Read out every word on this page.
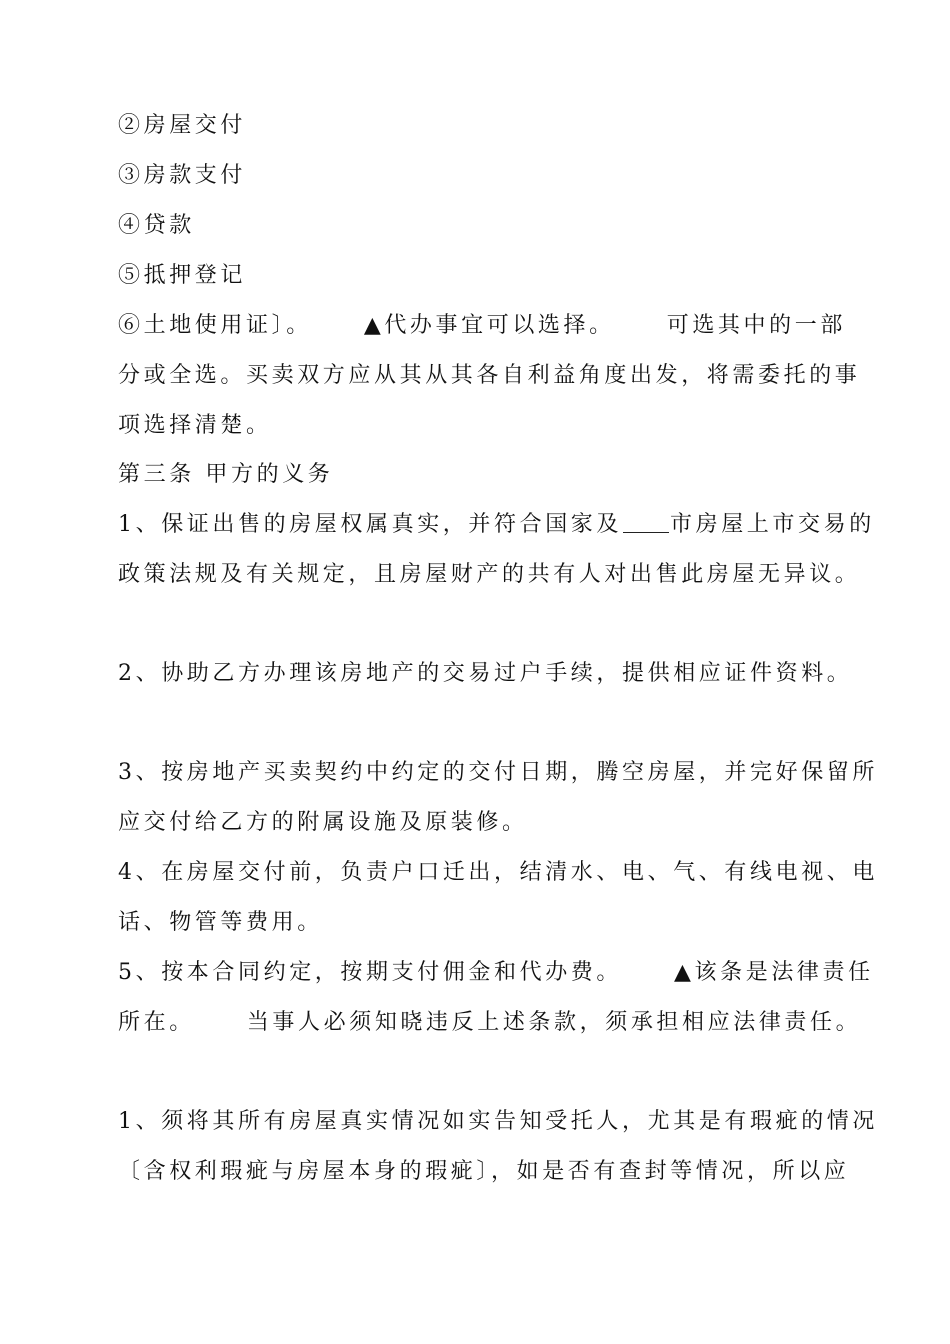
②房屋交付
③房款支付
④贷款
⑤抵押登记
⑥土地使用证〕。 ▲代办事宜可以选择。 可选其中的一部
分或全选。买卖双方应从其从其各自利益角度出发，将需委托的事
项选择清楚。
第三条 甲方的义务
1、保证出售的房屋权属真实，并符合国家及 市房屋上市交易的
政策法规及有关规定，且房屋财产的共有人对出售此房屋无异议。
2、协助乙方办理该房地产的交易过户手续，提供相应证件资料。
3、按房地产买卖契约中约定的交付日期，腾空房屋，并完好保留所
应交付给乙方的附属设施及原装修。
4、在房屋交付前，负责户口迁出，结清水、电、气、有线电视、电
话、物管等费用。
5、按本合同约定，按期支付佣金和代办费。 ▲该条是法律责任
所在。 当事人必须知晓违反上述条款，须承担相应法律责任。
1、须将其所有房屋真实情况如实告知受托人，尤其是有瑕疵的情况
〔含权利瑕疵与房屋本身的瑕疵〕，如是否有查封等情况，所以应
